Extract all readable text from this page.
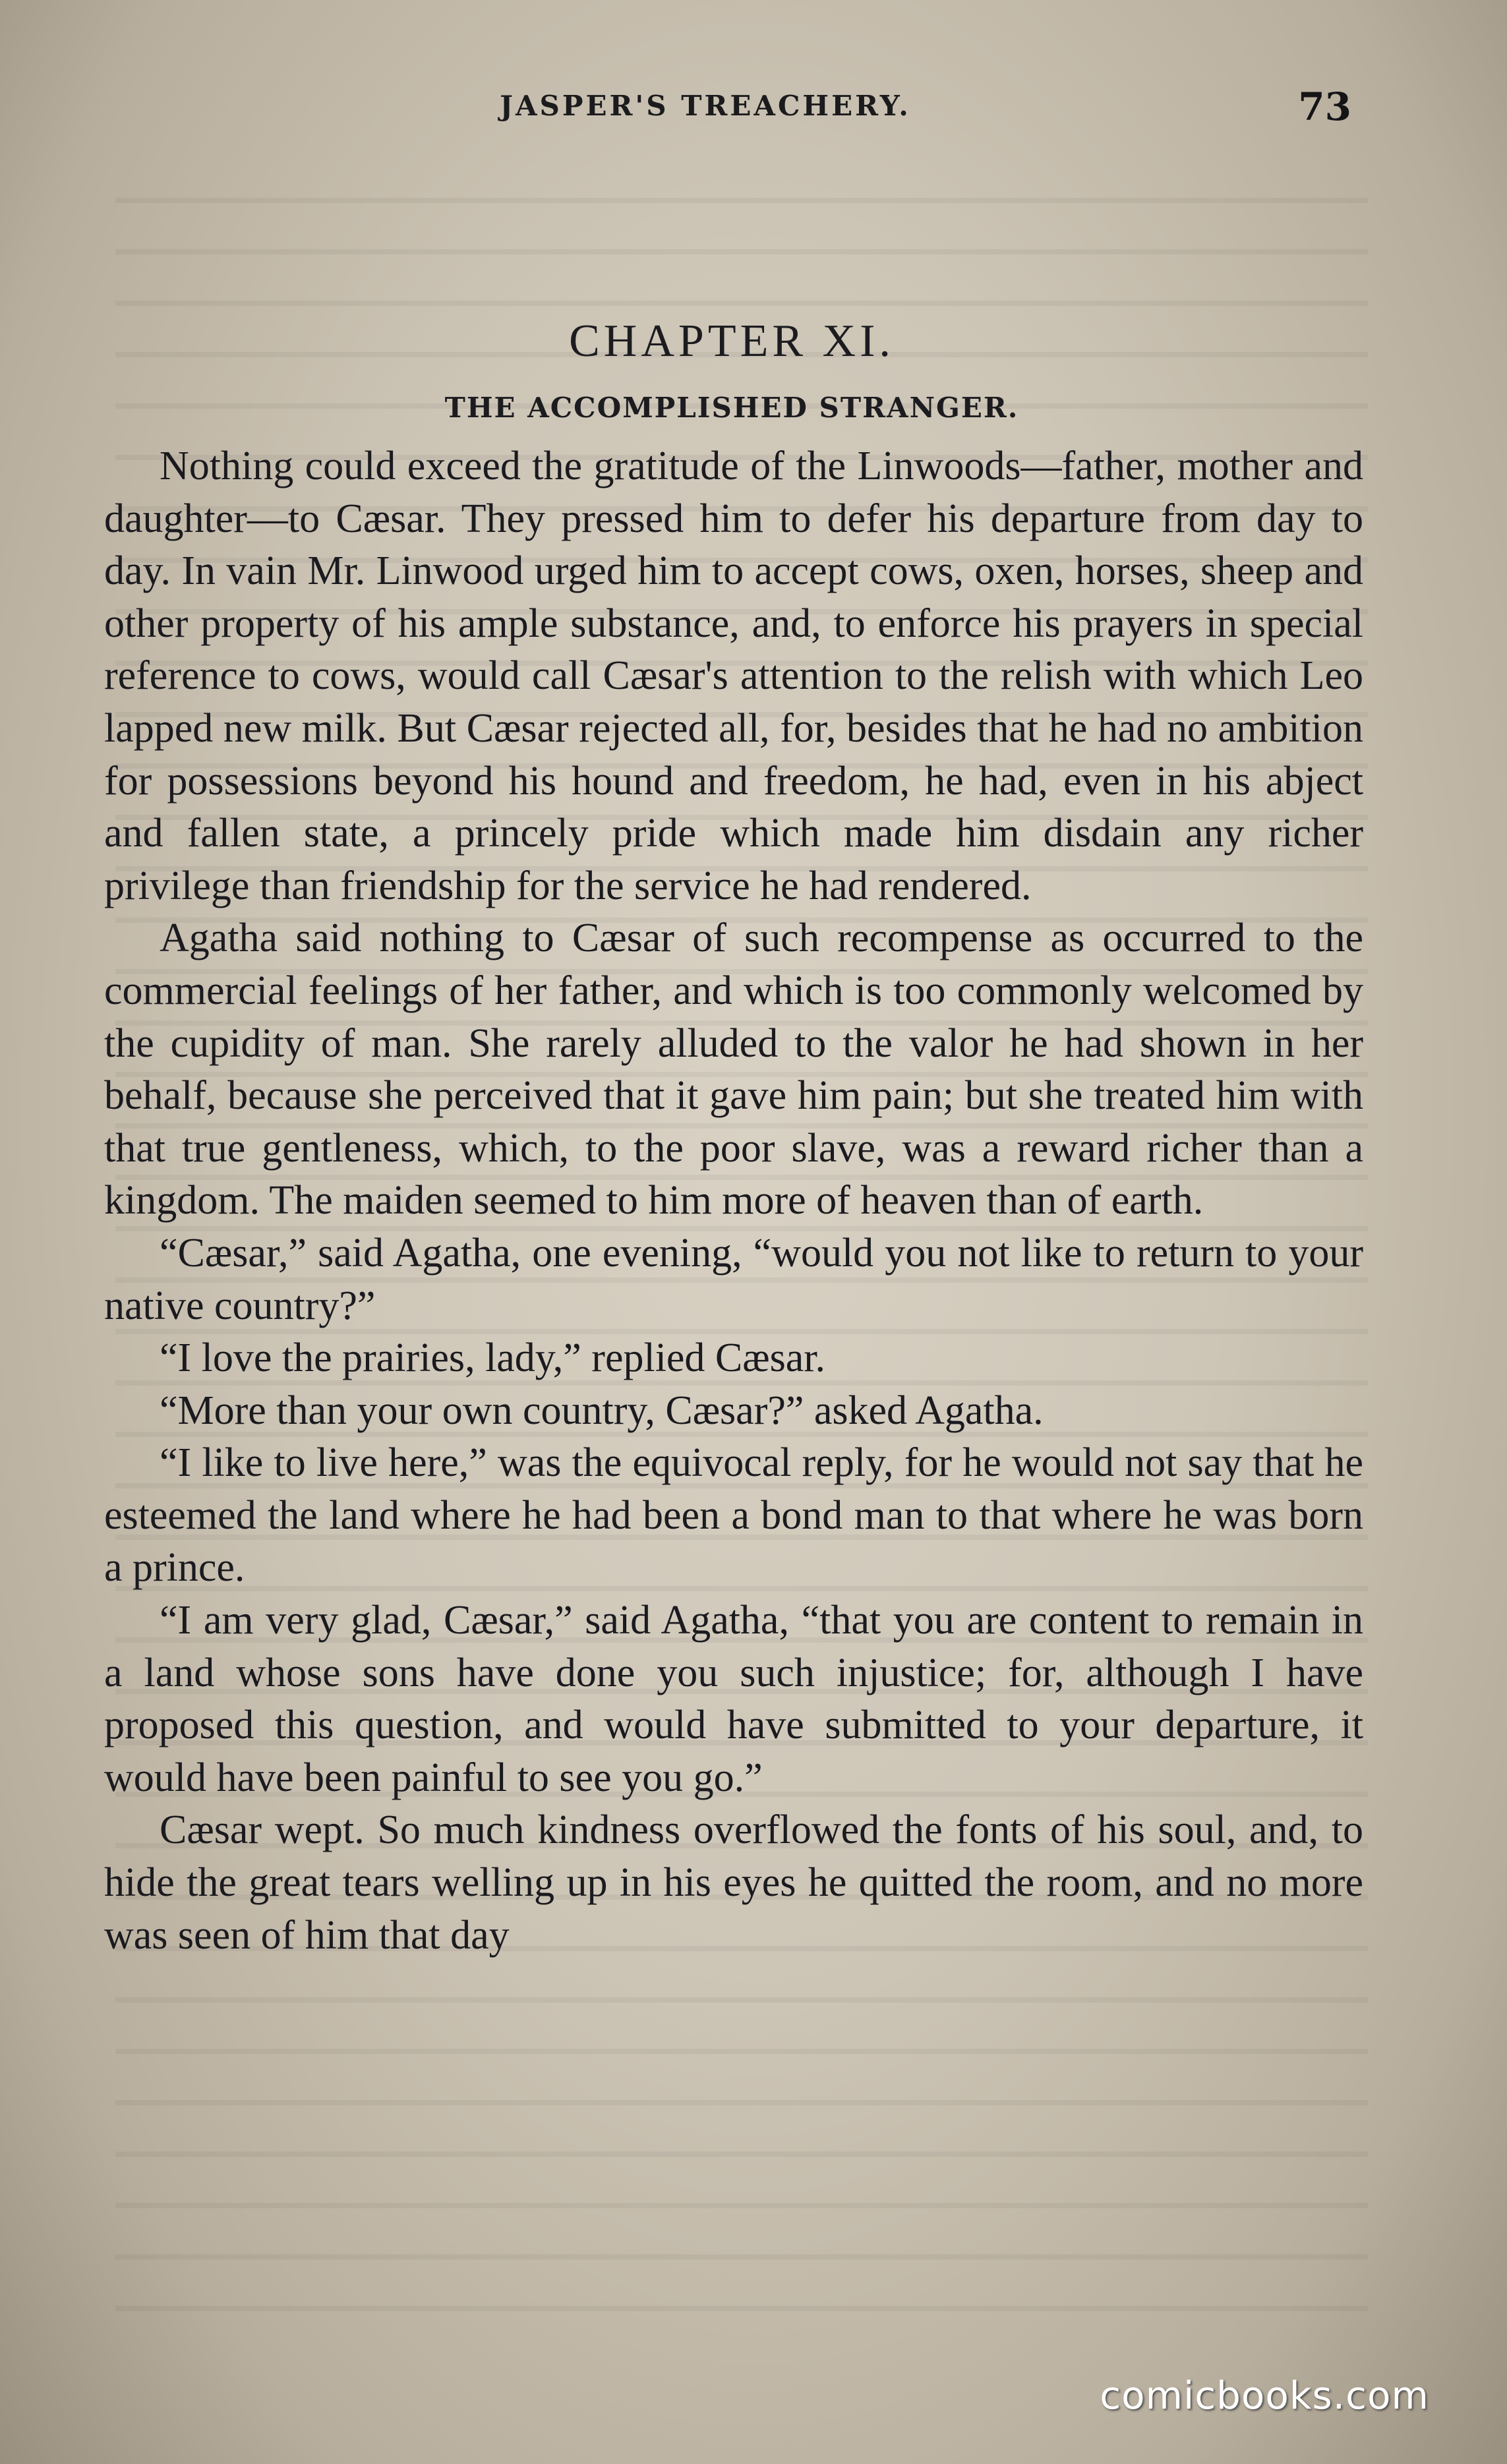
JASPER'S TREACHERY.	73
CHAPTER XI.
THE ACCOMPLISHED STRANGER.

Nothing could exceed the gratitude of the Linwoods—father, mother and daughter—to Cæsar. They pressed him to defer his departure from day to day. In vain Mr. Linwood urged him to accept cows, oxen, horses, sheep and other property of his ample substance, and, to enforce his prayers in special reference to cows, would call Cæsar's attention to the relish with which Leo lapped new milk. But Cæsar rejected all, for, besides that he had no ambition for possessions beyond his hound and freedom, he had, even in his abject and fallen state, a princely pride which made him disdain any richer privilege than friendship for the service he had rendered.

Agatha said nothing to Cæsar of such recompense as occurred to the commercial feelings of her father, and which is too commonly welcomed by the cupidity of man. She rarely alluded to the valor he had shown in her behalf, because she perceived that it gave him pain; but she treated him with that true gentleness, which, to the poor slave, was a reward richer than a kingdom. The maiden seemed to him more of heaven than of earth.

“Cæsar,” said Agatha, one evening, “would you not like to return to your native country?”

“I love the prairies, lady,” replied Cæsar.

“More than your own country, Cæsar?” asked Agatha.

“I like to live here,” was the equivocal reply, for he would not say that he esteemed the land where he had been a bond man to that where he was born a prince.

“I am very glad, Cæsar,” said Agatha, “that you are content to remain in a land whose sons have done you such injustice; for, although I have proposed this question, and would have submitted to your departure, it would have been painful to see you go.”

Cæsar wept. So much kindness overflowed the fonts of his soul, and, to hide the great tears welling up in his eyes he quitted the room, and no more was seen of him that day

comicbooks.com
